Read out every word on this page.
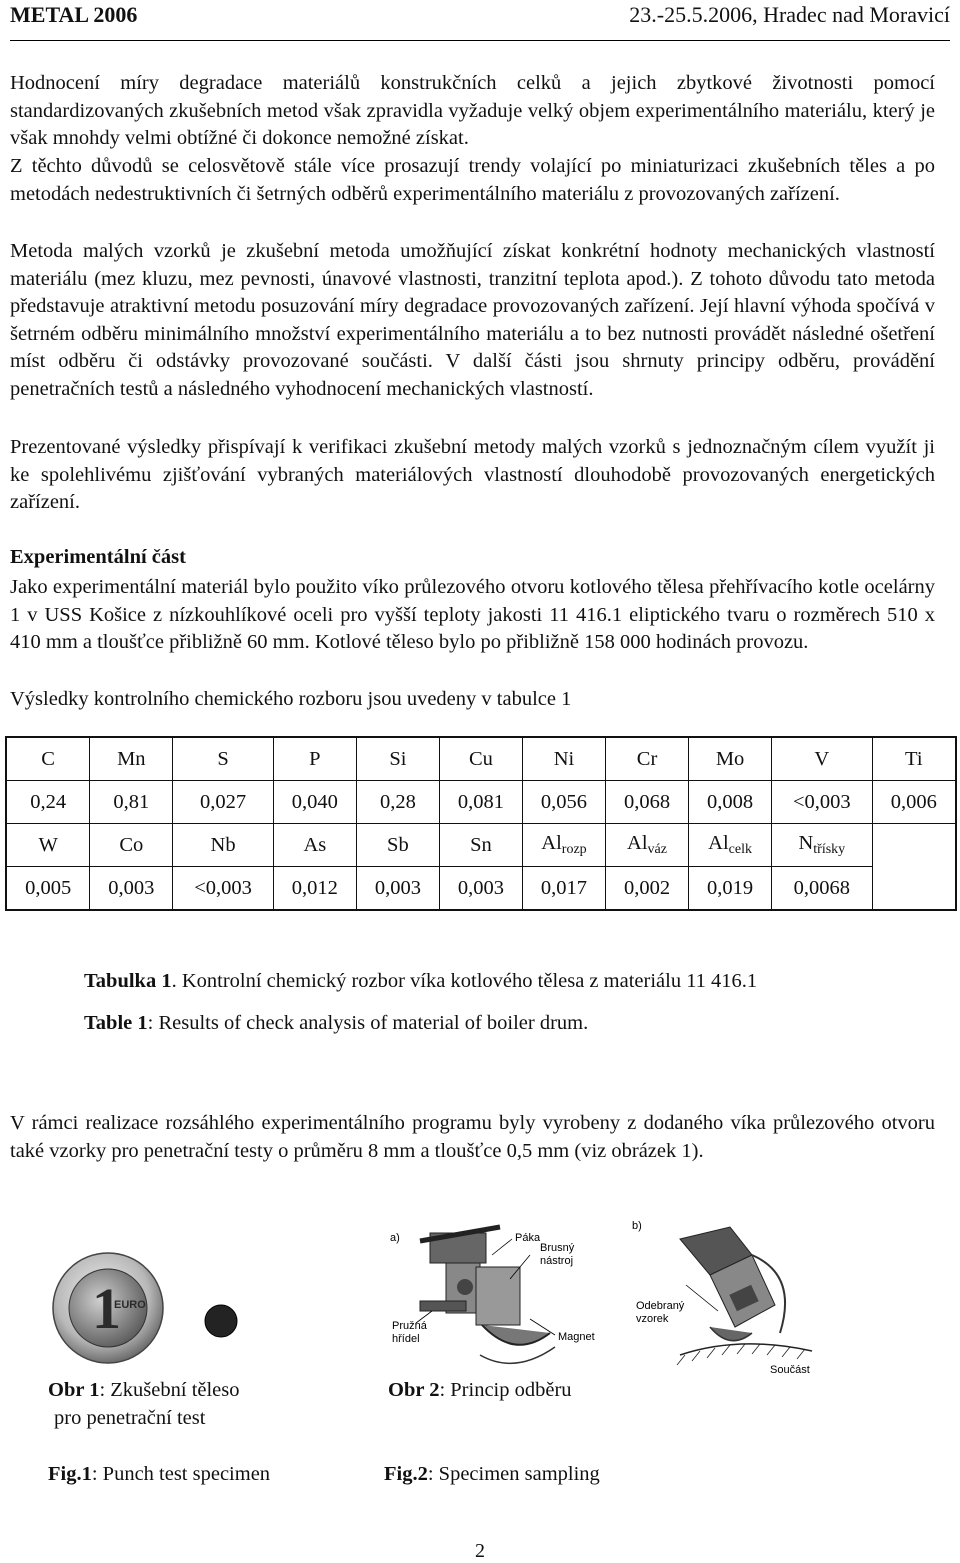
METAL 2006	23.-25.5.2006, Hradec nad Moravicí

Hodnocení míry degradace materiálů konstrukčních celků a jejich zbytkové životnosti pomocí standardizovaných zkušebních metod však zpravidla vyžaduje velký objem experimentálního materiálu, který je však mnohdy velmi obtížné či dokonce nemožné získat.

Z těchto důvodů se celosvětově stále více prosazují trendy volající po miniaturizaci zkušebních těles a po metodách nedestruktivních či šetrných odběrů experimentálního materiálu z provozovaných zařízení.

Metoda malých vzorků je zkušební metoda umožňující získat konkrétní hodnoty mechanických vlastností materiálu (mez kluzu, mez pevnosti, únavové vlastnosti, tranzitní teplota apod.). Z tohoto důvodu tato metoda představuje atraktivní metodu posuzování míry degradace provozovaných zařízení. Její hlavní výhoda spočívá v šetrném odběru minimálního množství experimentálního materiálu a to bez nutnosti provádět následné ošetření míst odběru či odstávky provozované součásti. V další části jsou shrnuty principy odběru, provádění penetračních testů a následného vyhodnocení mechanických vlastností.

Prezentované výsledky přispívají k verifikaci zkušební metody malých vzorků s jednoznačným cílem využít ji ke spolehlivému zjišťování vybraných materiálových vlastností dlouhodobě provozovaných energetických zařízení.

Experimentální část

Jako experimentální materiál bylo použito víko průlezového otvoru kotlového tělesa přehřívacího kotle ocelárny 1 v USS Košice z nízkouhlíkové oceli pro vyšší teploty jakosti 11 416.1 eliptického tvaru o rozměrech 510 x 410 mm a tloušťce přibližně 60 mm. Kotlové těleso bylo po přibližně 158 000 hodinách provozu.

Výsledky kontrolního chemického rozboru jsou uvedeny v tabulce 1

C	Mn	S	P	Si	Cu	Ni	Cr	Mo	V	Ti
0,24	0,81	0,027	0,040	0,28	0,081	0,056	0,068	0,008	<0,003	0,006
W	Co	Nb	As	Sb	Sn	$Al_{rozp}$	$Al_{váz}$	$Al_{celk}$	$N_{třísky}$
0,005	0,003	<0,003	0,012	0,003	0,003	0,017	0,002	0,019	0,0068	
Tabulka 1. Kontrolní chemický rozbor víka kotlového tělesa z materiálu 11 416.1
Table 1: Results of check analysis of material of boiler drum.

V rámci realizace rozsáhlého experimentálního programu byly vyrobeny z dodaného víka průlezového otvoru také vzorky pro penetrační testy o průměru 8 mm a tloušťce 0,5 mm (viz obrázek 1).

1
EURO
a)	Páka
Brusný
nástroj
Pružná
hřídel	Magnet
b)
Odebraný
vzorek
Součást
Obr 1: Zkušební těleso
pro penetrační test
Fig.1: Punch test specimen
Obr 2: Princip odběru
Fig.2: Specimen sampling
2
